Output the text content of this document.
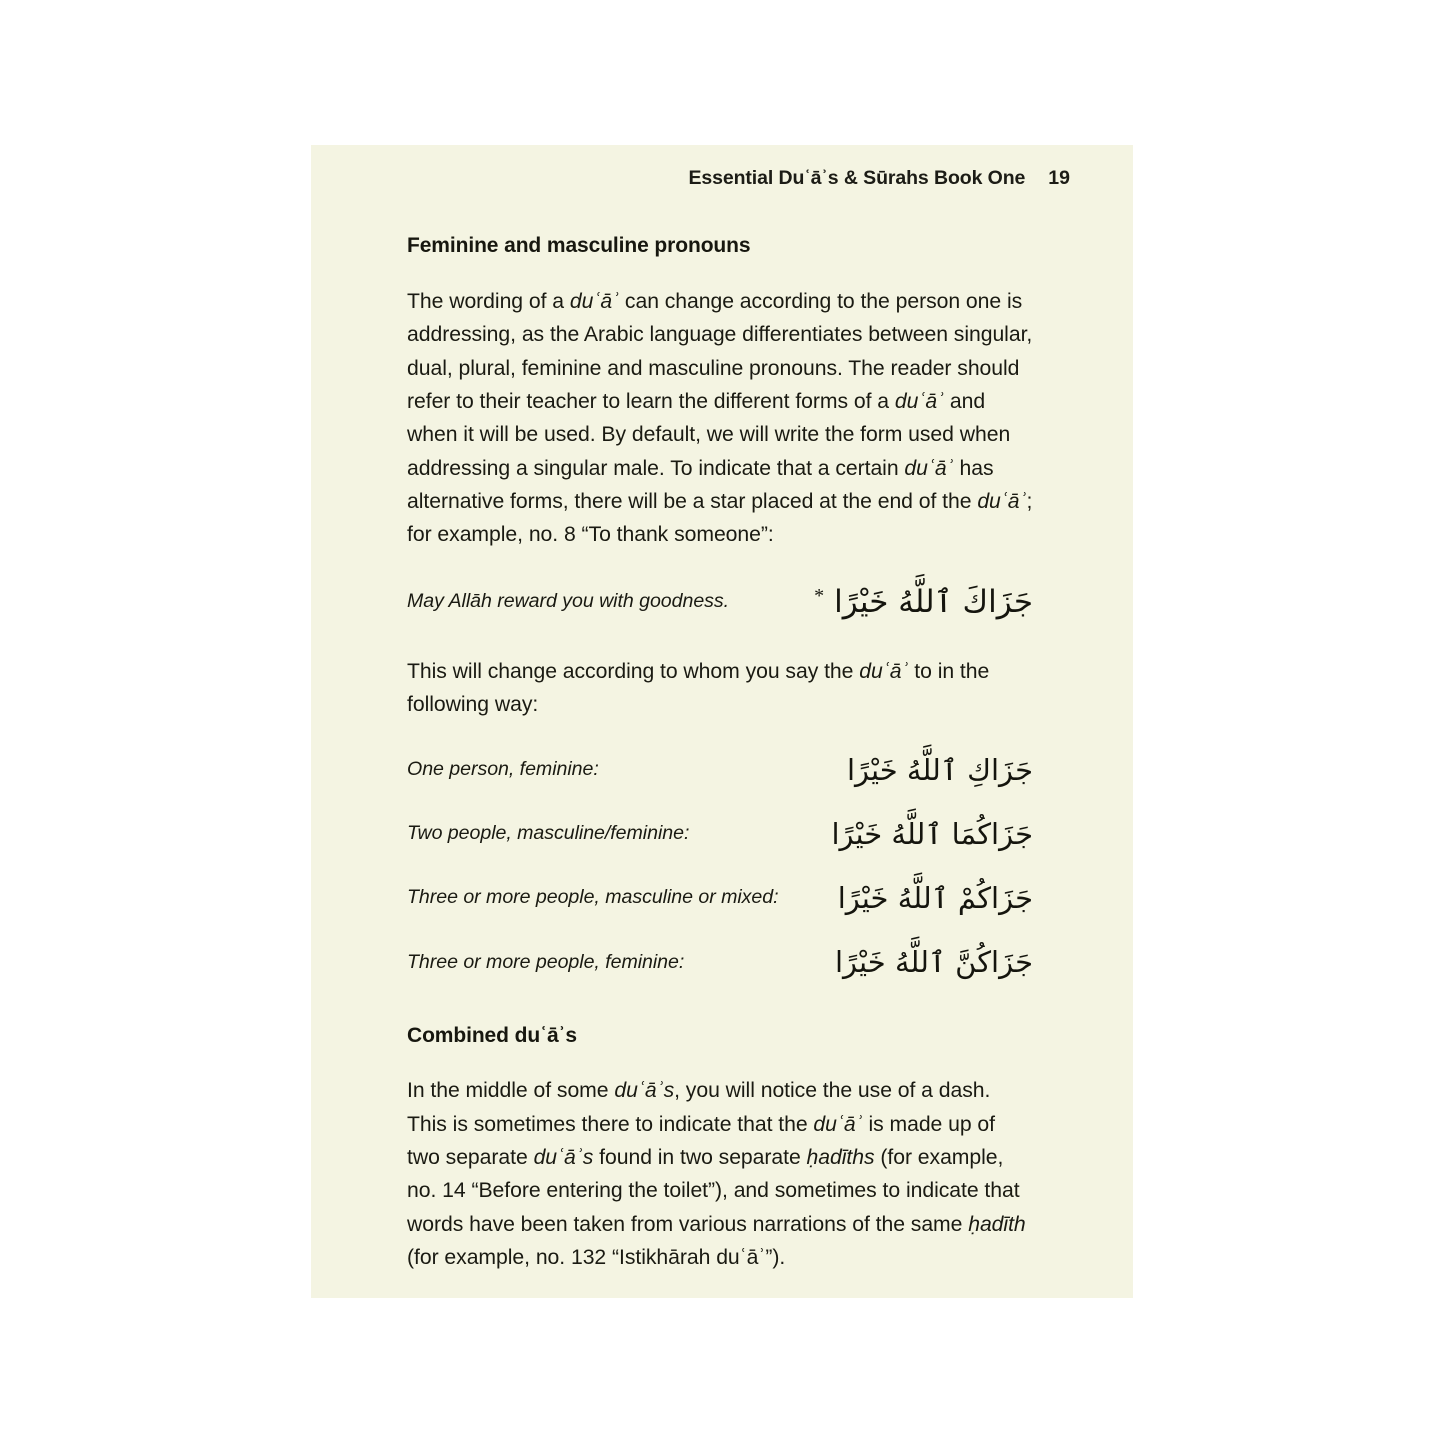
Essential Duʿāʾs & Sūrahs Book One 19
Feminine and masculine pronouns

The wording of a duʿāʾ can change according to the person one is addressing, as the Arabic language differentiates between singular, dual, plural, feminine and masculine pronouns. The reader should refer to their teacher to learn the different forms of a duʿāʾ and when it will be used. By default, we will write the form used when addressing a singular male. To indicate that a certain duʿāʾ has alternative forms, there will be a star placed at the end of the duʿāʾ; for example, no. 8 “To thank someone”:

May Allāh reward you with goodness.	جَزَاكَ ٱللَّهُ خَيْرًا
*

This will change according to whom you say the duʿāʾ to in the following way:

One person, feminine:	جَزَاكِ ٱللَّهُ خَيْرًا
Two people, masculine/feminine:	جَزَاكُمَا ٱللَّهُ خَيْرًا
Three or more people, masculine or mixed:	جَزَاكُمْ ٱللَّهُ خَيْرًا
Three or more people, feminine:	جَزَاكُنَّ ٱللَّهُ خَيْرًا
Combined duʿāʾs

In the middle of some duʿāʾs, you will notice the use of a dash. This is sometimes there to indicate that the duʿāʾ is made up of two separate duʿāʾs found in two separate ḥadīths (for example, no. 14 “Before entering the toilet”), and sometimes to indicate that words have been taken from various narrations of the same ḥadīth (for example, no. 132 “Istikhārah duʿāʾ”).
